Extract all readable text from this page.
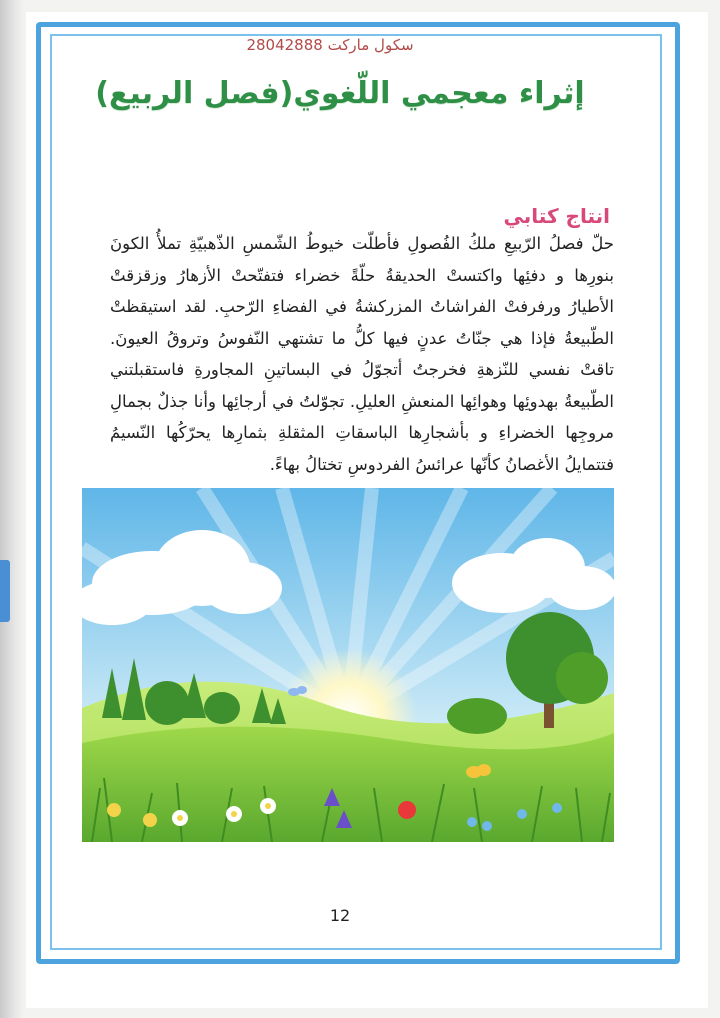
سكول ماركت 28042888
إثراء معجمي اللّغوي(فصل الربيع)
انتاج كتابي
حلّ فصلُ الرّبيعِ ملكُ الفُصولِ فأطلّت خيوطُ الشّمسِ الذّهبيّةِ تملأُ الكونَ بنورِها و دفئِها واكتستْ الحديقةُ حلّةً خضراء فتفتّحتْ الأزهارُ وزقزقتْ الأطيارُ ورفرفتْ الفراشاتُ المزركشةُ في الفضاءِ الرّحبِ. لقد استيقظتْ الطّبيعةُ فإذا هي جنّاتُ عدنٍ فيها كلُّ ما تشتهي النّفوسُ وتروقُ العيونَ. تاقتْ نفسي للنّزهةِ فخرجتُ أتجوّلُ في البساتينِ المجاورةِ فاستقبلتني الطّبيعةُ بهدوئِها وهوائِها المنعشِ العليلِ. تجوّلتُ في أرجائِها وأنا جذلٌ بجمالِ مروجِها الخضراءِ و بأشجارِها الباسقاتِ المثقلةِ بثمارِها يحرّكُها النّسيمُ فتتمايلُ الأغصانُ كأنّها عرائسُ الفردوسِ تختالُ بهاءً.
12
